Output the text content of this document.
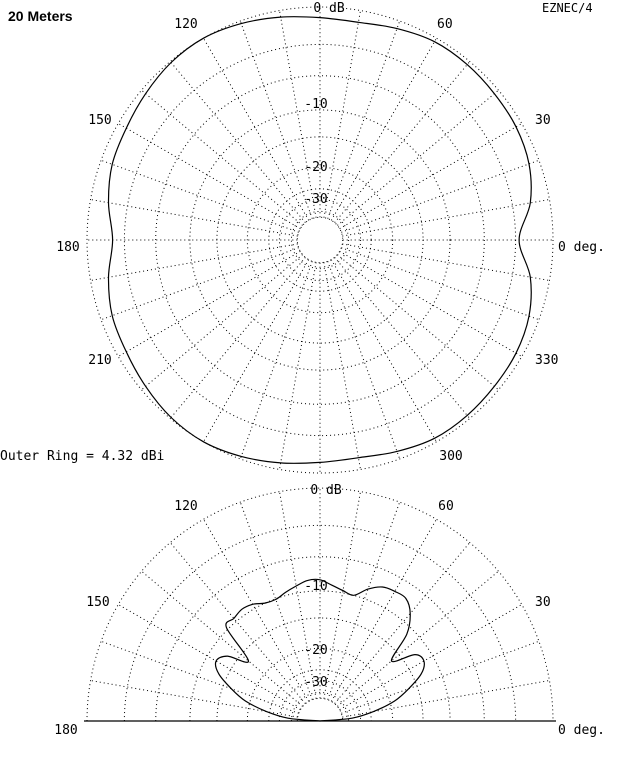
20 Meters	EZNEC/4
Outer Ring = 4.32 dBi
0 dB
-10
-20
-30
0 deg.
30
60
120
150
180
210
300
330
0 dB
-10
-20
-30
0 deg.
30
60
120
150
180
